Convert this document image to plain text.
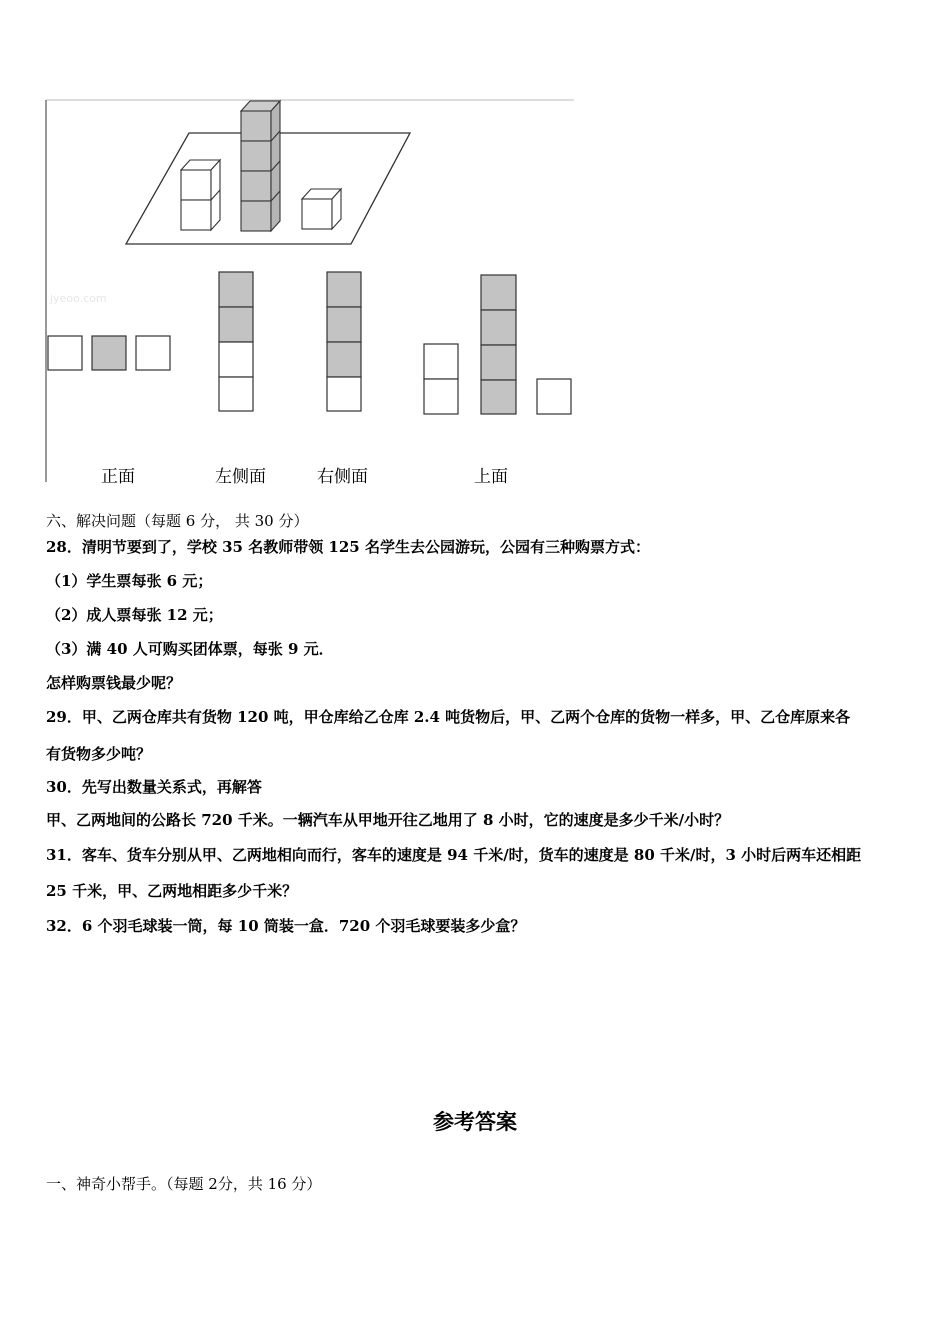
jyeoo.com
正面	左侧面	右侧面	上面
六、解决问题（每题 6 分， 共 30 分）
28．清明节要到了，学校 35 名教师带领 125 名学生去公园游玩，公园有三种购票方式：
（1）学生票每张 6 元；
（2）成人票每张 12 元；
（3）满 40 人可购买团体票，每张 9 元．
怎样购票钱最少呢？
29．甲、乙两仓库共有货物 120 吨，甲仓库给乙仓库 2.4 吨货物后，甲、乙两个仓库的货物一样多，甲、乙仓库原来各
有货物多少吨？
30．先写出数量关系式，再解答
甲、乙两地间的公路长 720 千米。一辆汽车从甲地开往乙地用了 8 小时，它的速度是多少千米/小时？
31．客车、货车分别从甲、乙两地相向而行，客车的速度是 94 千米/时，货车的速度是 80 千米/时，3 小时后两车还相距
25 千米，甲、乙两地相距多少千米？
32．6 个羽毛球装一筒，每 10 筒装一盒．720 个羽毛球要装多少盒？
参考答案
一、神奇小帮手。（每题 2分，共 16 分）
